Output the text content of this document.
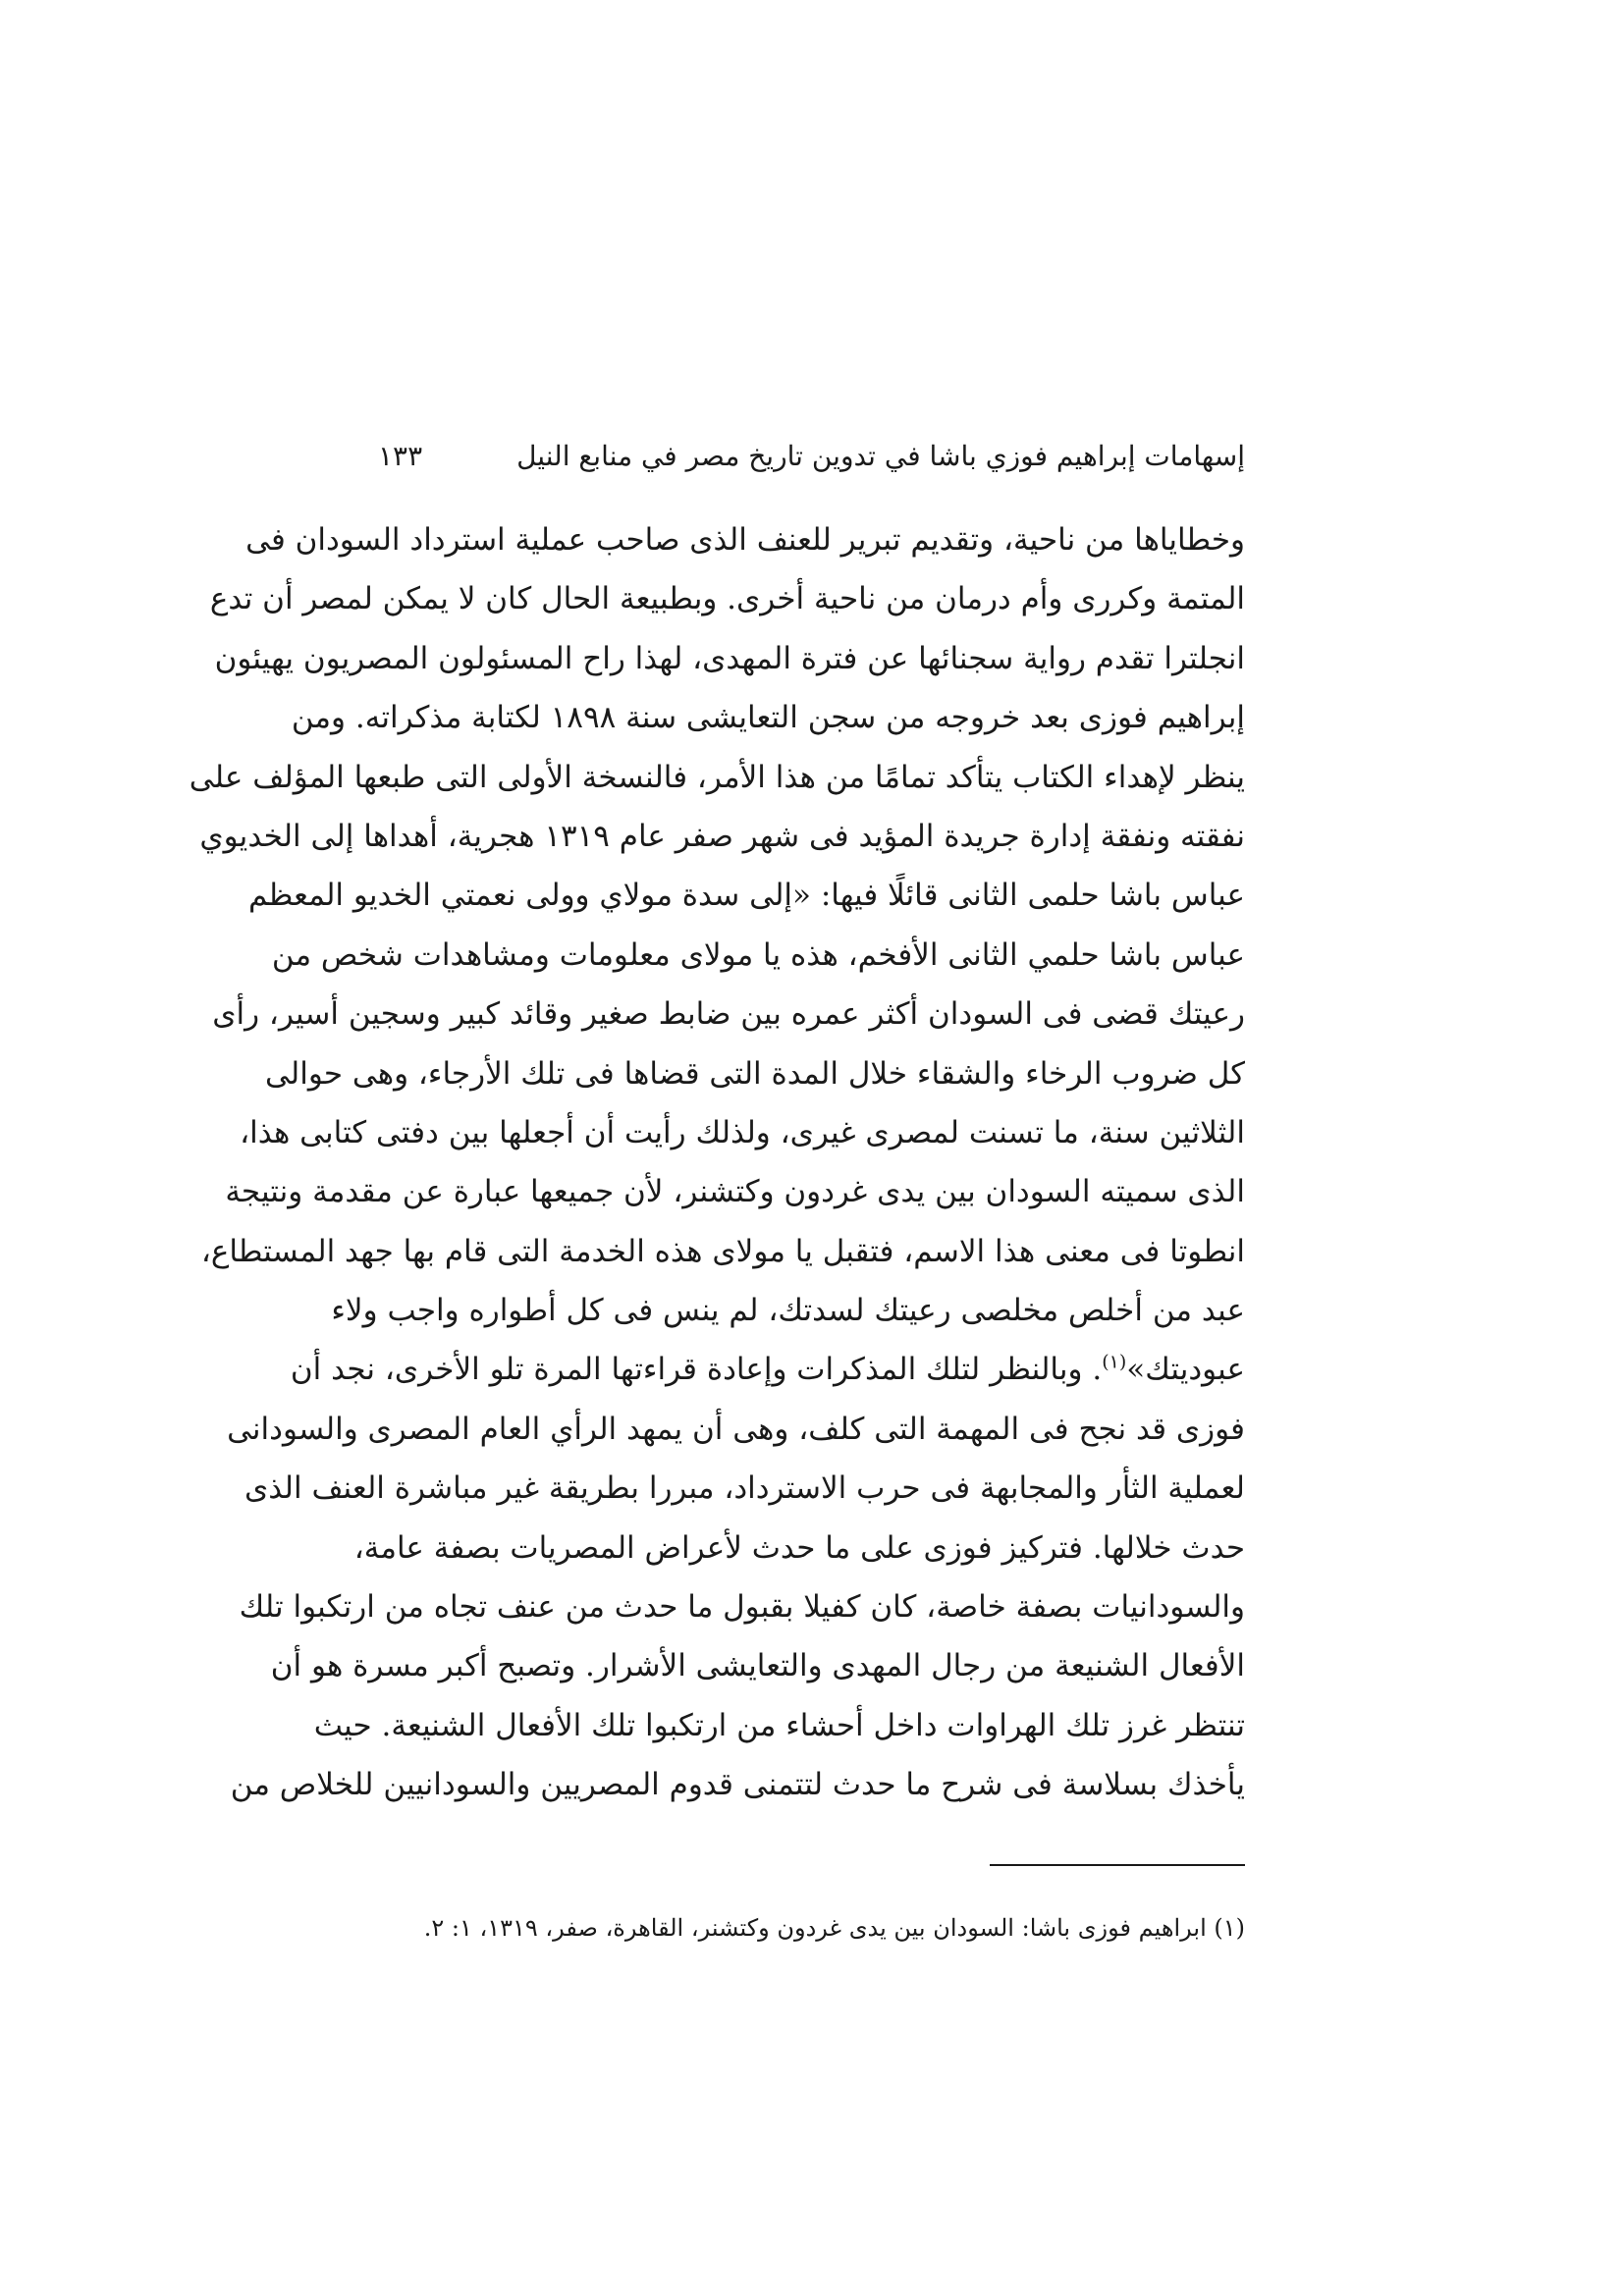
إسهامات إبراهيم فوزي باشا في تدوين تاريخ مصر في منابع النيل
١٣٣
وخطاياها من ناحية، وتقديم تبرير للعنف الذى صاحب عملية استرداد السودان فى
المتمة وكررى وأم درمان من ناحية أخرى. وبطبيعة الحال كان لا يمكن لمصر أن تدع
انجلترا تقدم رواية سجنائها عن فترة المهدى، لهذا راح المسئولون المصريون يهيئون
إبراهيم فوزى بعد خروجه من سجن التعايشى سنة ١٨٩٨ لكتابة مذكراته. ومن
ينظر لإهداء الكتاب يتأكد تمامًا من هذا الأمر، فالنسخة الأولى التى طبعها المؤلف على
نفقته ونفقة إدارة جريدة المؤيد فى شهر صفر عام ١٣١٩ هجرية، أهداها إلى الخديوي
عباس باشا حلمى الثانى قائلًا فيها: «إلى سدة مولاي وولى نعمتي الخديو المعظم
عباس باشا حلمي الثانى الأفخم، هذه يا مولاى معلومات ومشاهدات شخص من
رعيتك قضى فى السودان أكثر عمره بين ضابط صغير وقائد كبير وسجين أسير، رأى
كل ضروب الرخاء والشقاء خلال المدة التى قضاها فى تلك الأرجاء، وهى حوالى
الثلاثين سنة، ما تسنت لمصرى غيرى، ولذلك رأيت أن أجعلها بين دفتى كتابى هذا،
الذى سميته السودان بين يدى غردون وكتشنر، لأن جميعها عبارة عن مقدمة ونتيجة
انطوتا فى معنى هذا الاسم، فتقبل يا مولاى هذه الخدمة التى قام بها جهد المستطاع،
عبد من أخلص مخلصى رعيتك لسدتك، لم ينس فى كل أطواره واجب ولاء
عبوديتك»$^{(١)}$. وبالنظر لتلك المذكرات وإعادة قراءتها المرة تلو الأخرى، نجد أن
فوزى قد نجح فى المهمة التى كلف، وهى أن يمهد الرأي العام المصرى والسودانى
لعملية الثأر والمجابهة فى حرب الاسترداد، مبررا بطريقة غير مباشرة العنف الذى
حدث خلالها. فتركيز فوزى على ما حدث لأعراض المصريات بصفة عامة،
والسودانيات بصفة خاصة، كان كفيلا بقبول ما حدث من عنف تجاه من ارتكبوا تلك
الأفعال الشنيعة من رجال المهدى والتعايشى الأشرار. وتصبح أكبر مسرة هو أن
تنتظر غرز تلك الهراوات داخل أحشاء من ارتكبوا تلك الأفعال الشنيعة. حيث
يأخذك بسلاسة فى شرح ما حدث لتتمنى قدوم المصريين والسودانيين للخلاص من
(١) ابراهيم فوزى باشا: السودان بين يدى غردون وكتشنر، القاهرة، صفر، ١٣١٩، ١: ٢.
